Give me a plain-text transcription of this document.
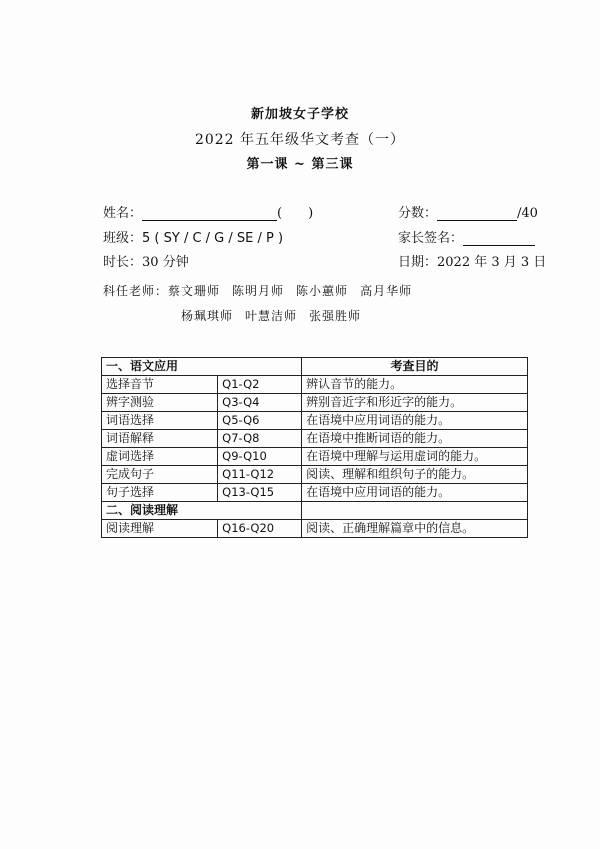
新加坡女子学校
2022 年五年级华文考查（一）
第一课 ~ 第三课
姓名：	(　　)	分数：	/40
班级：5 ( SY / C / G / SE / P )	家长签名：
时长：30 分钟	日期：2022 年 3 月 3 日
科任老师：蔡文珊师 陈明月师 陈小蕙师 高月华师
杨珮琪师 叶慧洁师 张强胜师
一、语文应用		考查目的
选择音节	Q1-Q2	辨认音节的能力。
辨字测验	Q3-Q4	辨别音近字和形近字的能力。
词语选择	Q5-Q6	在语境中应用词语的能力。
词语解释	Q7-Q8	在语境中推断词语的能力。
虚词选择	Q9-Q10	在语境中理解与运用虚词的能力。
完成句子	Q11-Q12	阅读、理解和组织句子的能力。
句子选择	Q13-Q15	在语境中应用词语的能力。
二、阅读理解		
阅读理解	Q16-Q20	阅读、正确理解篇章中的信息。
